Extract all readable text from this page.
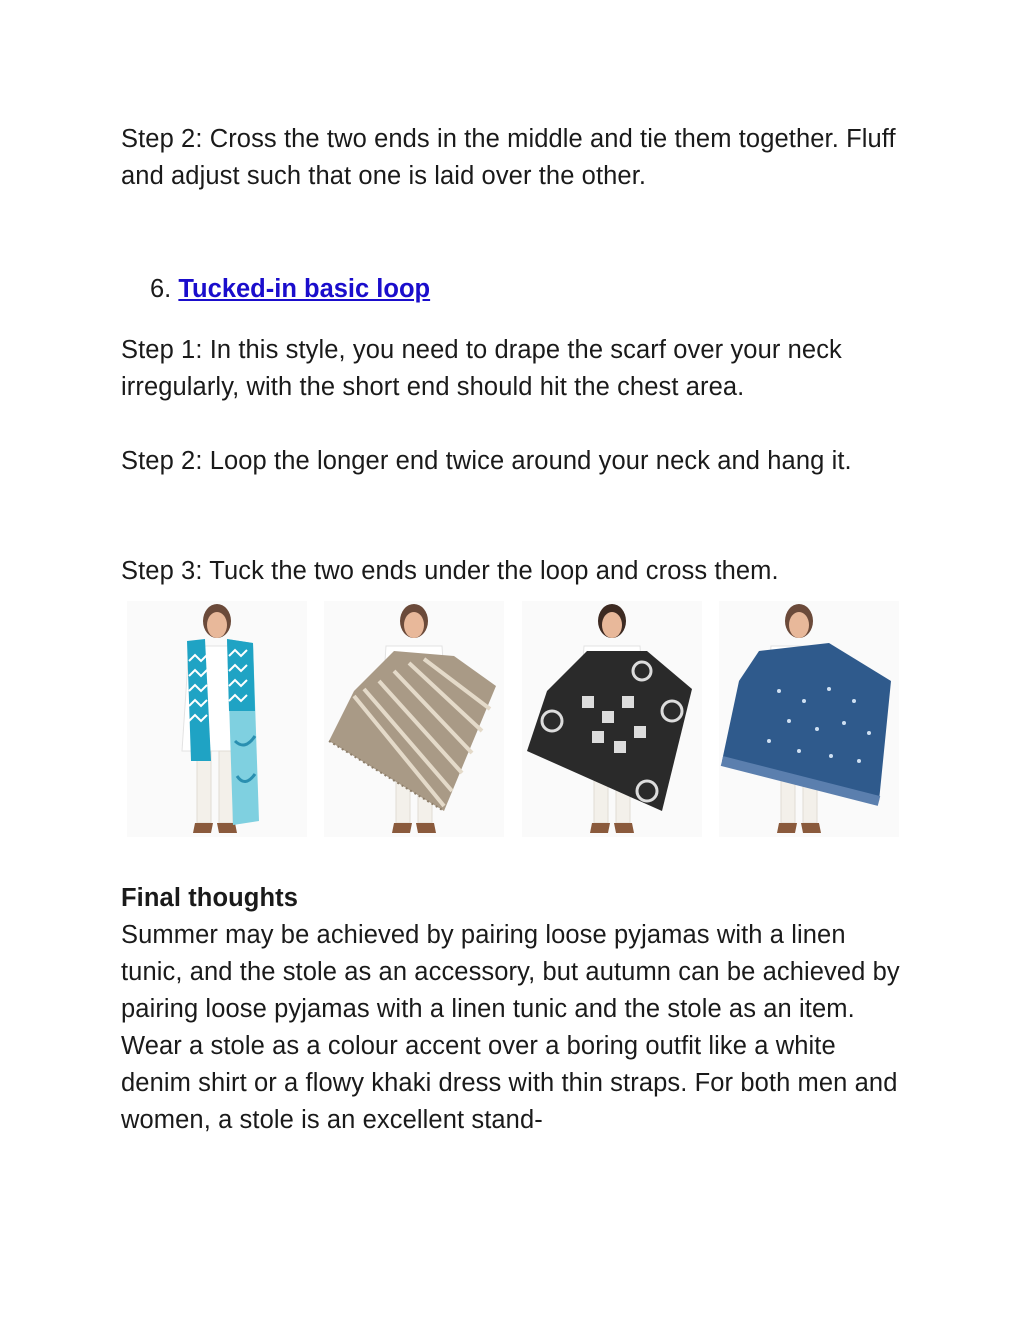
Step 2: Cross the two ends in the middle and tie them together. Fluff and adjust such that one is laid over the other.

6. Tucked-in basic loop

Step 1: In this style, you need to drape the scarf over your neck irregularly, with the short end should hit the chest area.

Step 2: Loop the longer end twice around your neck and hang it.

Step 3: Tuck the two ends under the loop and cross them.

Final thoughts
Summer may be achieved by pairing loose pyjamas with a linen tunic, and the stole as an accessory, but autumn can be achieved by pairing loose pyjamas with a linen tunic and the stole as an item. Wear a stole as a colour accent over a boring outfit like a white denim shirt or a flowy khaki dress with thin straps. For both men and women, a stole is an excellent stand-
